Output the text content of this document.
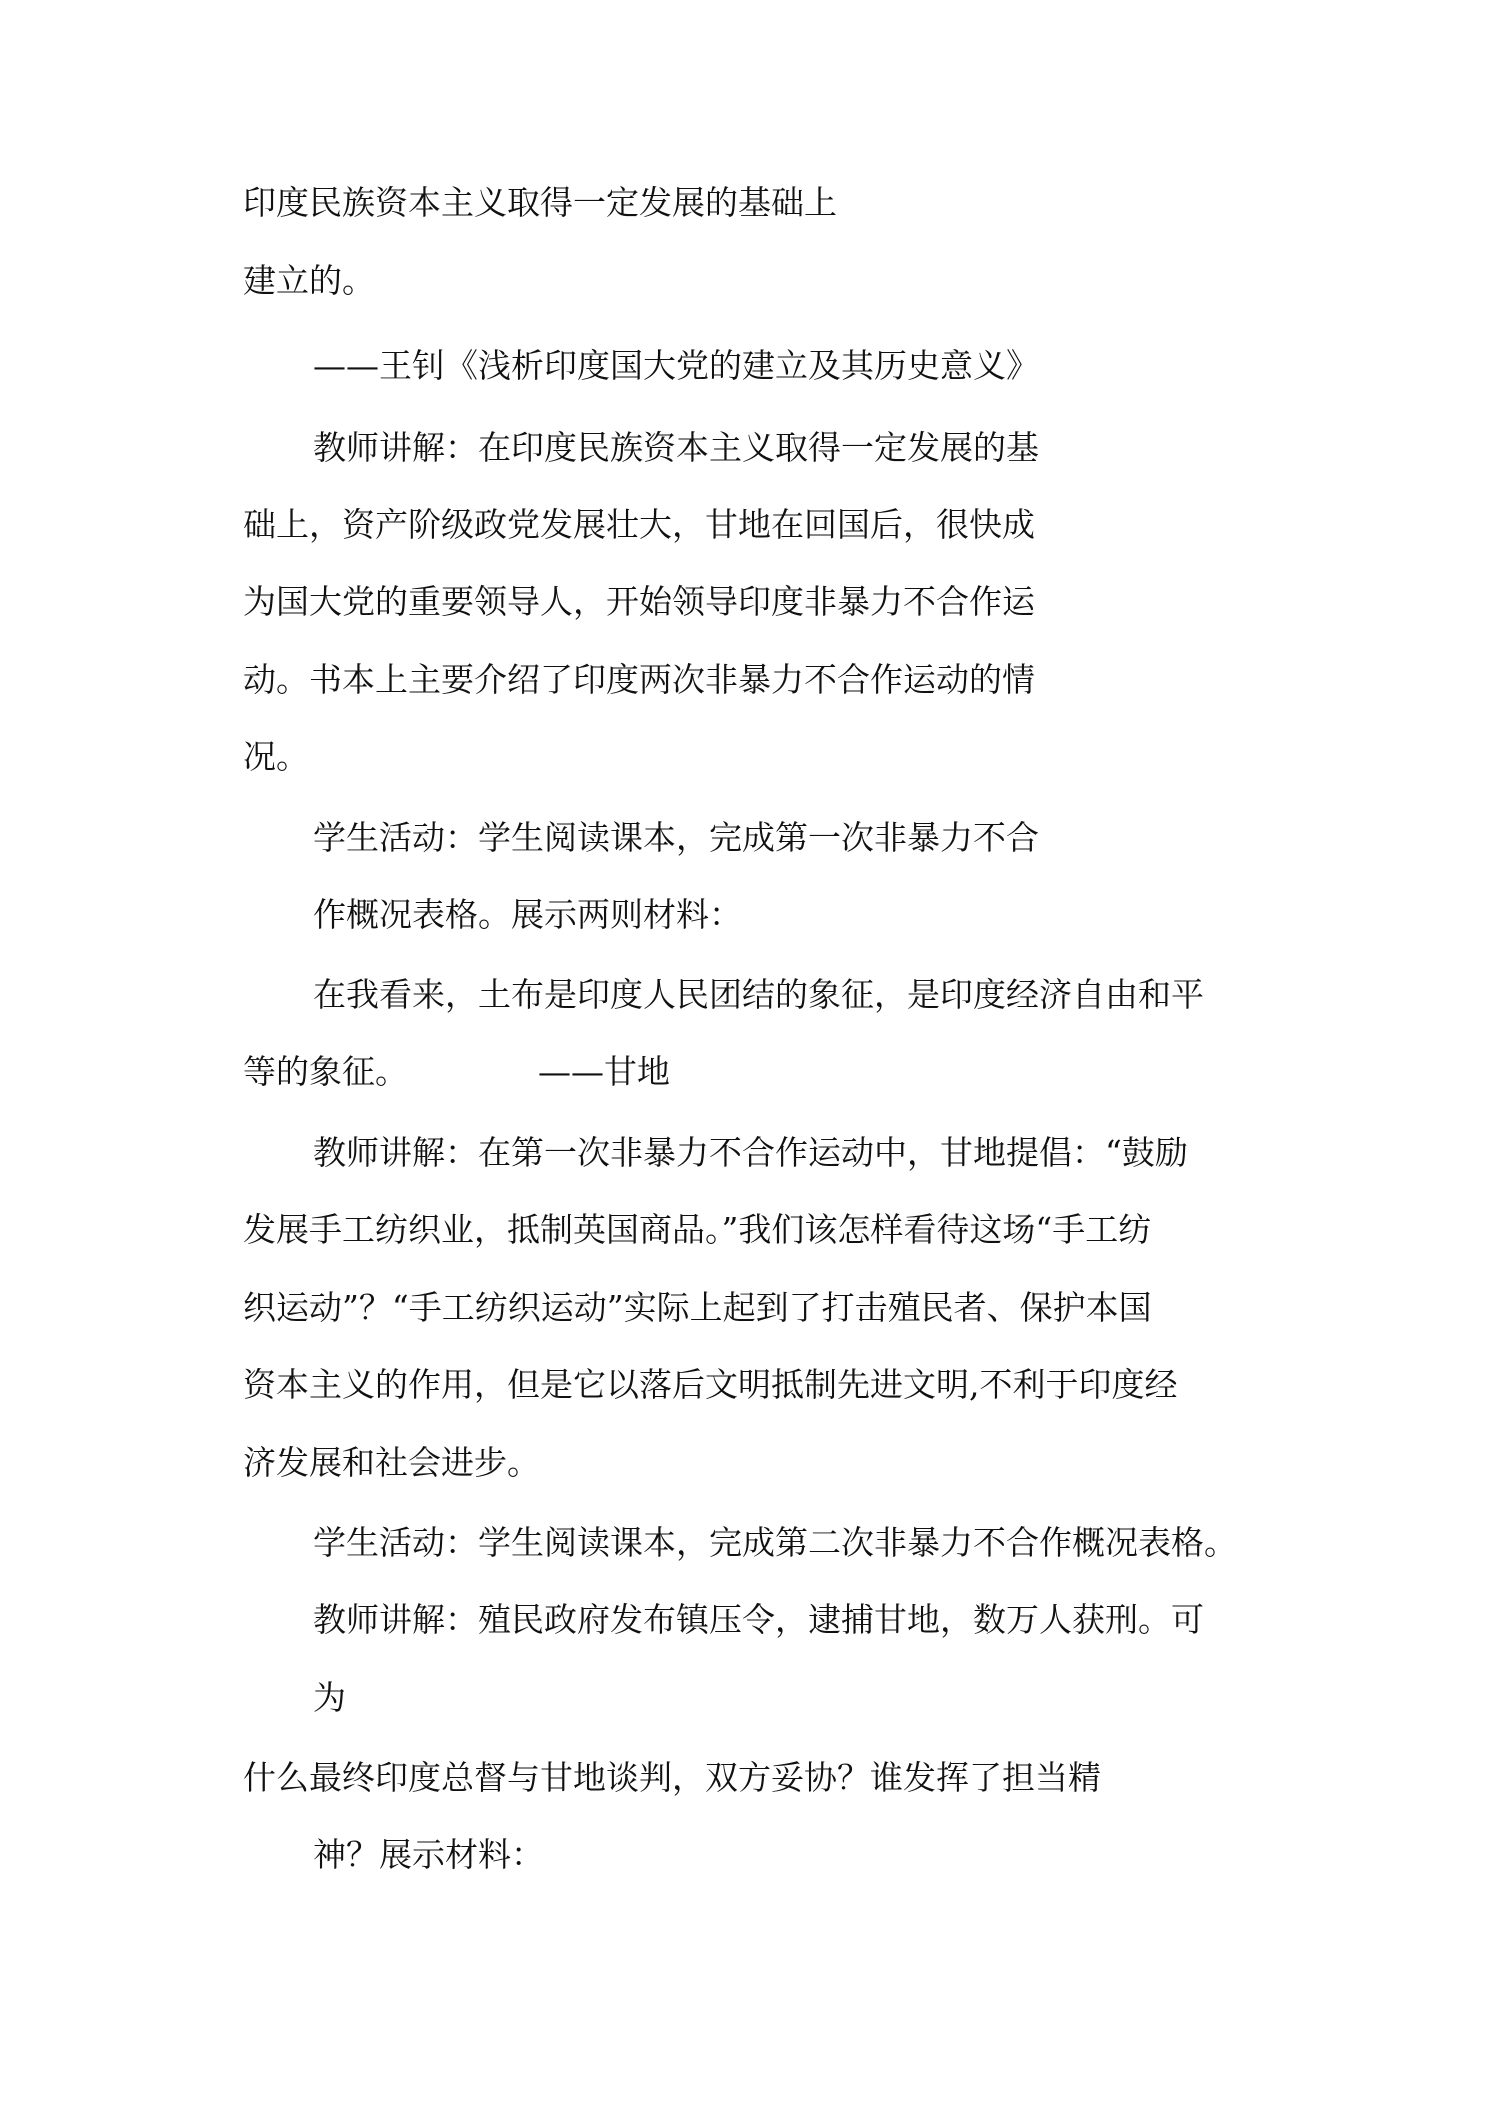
印度民族资本主义取得一定发展的基础上
建立的。
——王钊《浅析印度国大党的建立及其历史意义》
教师讲解：在印度民族资本主义取得一定发展的基
础上，资产阶级政党发展壮大，甘地在回国后，很快成
为国大党的重要领导人，开始领导印度非暴力不合作运
动。书本上主要介绍了印度两次非暴力不合作运动的情
况。
学生活动：学生阅读课本，完成第一次非暴力不合
作概况表格。展示两则材料：
在我看来，土布是印度人民团结的象征，是印度经济自由和平
等的象征。	——甘地
教师讲解：在第一次非暴力不合作运动中，甘地提倡：“鼓励
发展手工纺织业，抵制英国商品。”我们该怎样看待这场“手工纺
织运动”？“手工纺织运动”实际上起到了打击殖民者、保护本国
资本主义的作用，但是它以落后文明抵制先进文明,不利于印度经
济发展和社会进步。
学生活动：学生阅读课本，完成第二次非暴力不合作概况表格。
教师讲解：殖民政府发布镇压令，逮捕甘地，数万人获刑。可
为
什么最终印度总督与甘地谈判，双方妥协？谁发挥了担当精
神？展示材料：
